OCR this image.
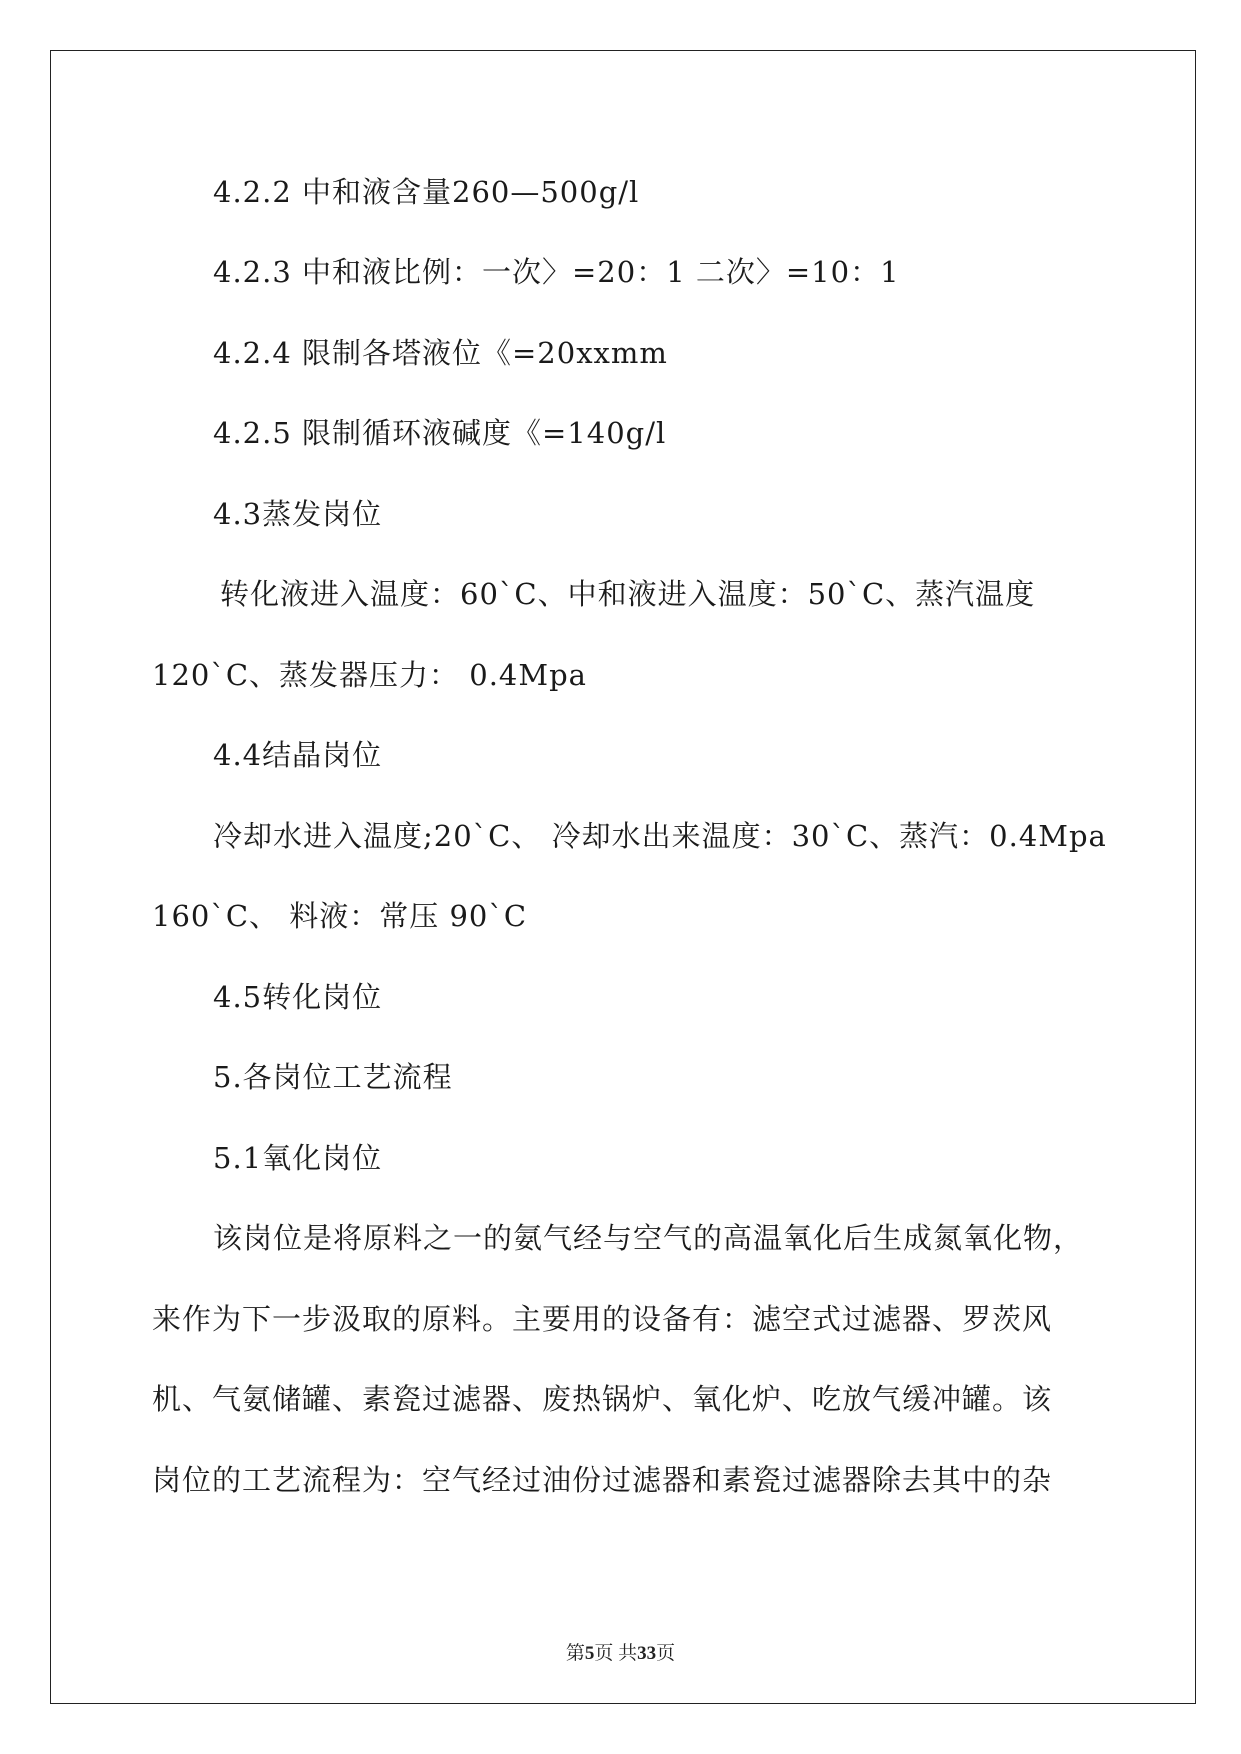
4.2.2 中和液含量260—500g/l
4.2.3 中和液比例：一次〉=20：1 二次〉=10：1
4.2.4 限制各塔液位《=20xxmm
4.2.5 限制循环液碱度《=140g/l
4.3蒸发岗位
转化液进入温度：60`C、中和液进入温度：50`C、蒸汽温度
120`C、蒸发器压力： 0.4Mpa
4.4结晶岗位
冷却水进入温度;20`C、 冷却水出来温度：30`C、蒸汽：0.4Mpa
160`C、 料液：常压 90`C
4.5转化岗位
5.各岗位工艺流程
5.1氧化岗位
该岗位是将原料之一的氨气经与空气的高温氧化后生成氮氧化物，
来作为下一步汲取的原料。主要用的设备有：滤空式过滤器、罗茨风
机、气氨储罐、素瓷过滤器、废热锅炉、氧化炉、吃放气缓冲罐。该
岗位的工艺流程为：空气经过油份过滤器和素瓷过滤器除去其中的杂
第5页 共33页
